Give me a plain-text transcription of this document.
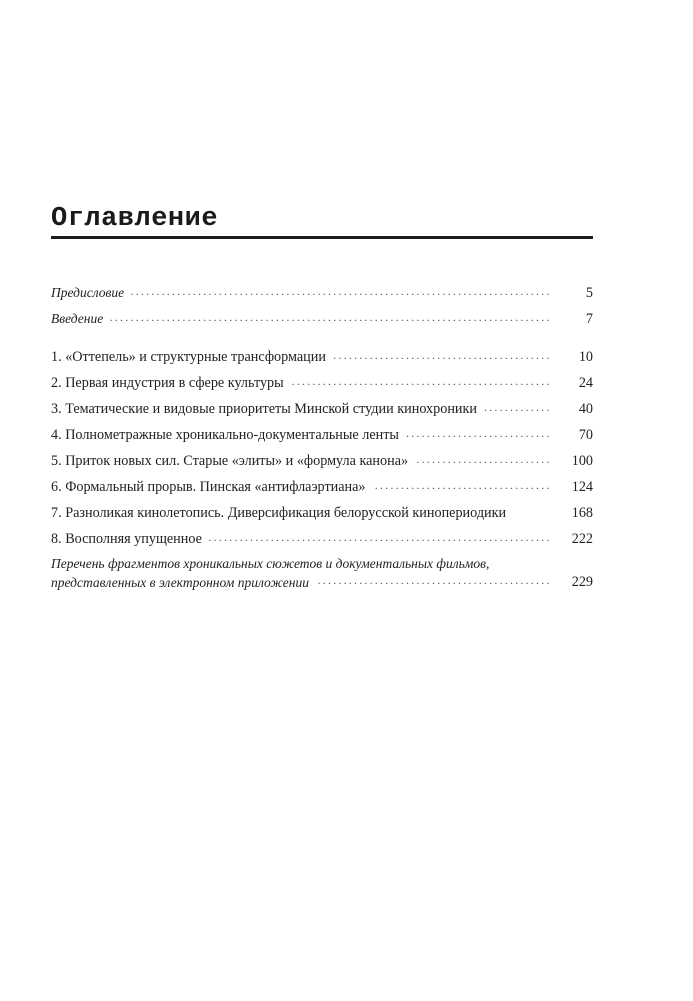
Оглавление
Предисловие . . .	5
Введение . . .	7
1. «Оттепель» и структурные трансформации . . .	10
2. Первая индустрия в сфере культуры . . .	24
3. Тематические и видовые приоритеты Минской студии кинохроники . . .	40
4. Полнометражные хроникально-документальные ленты . . .	70
5. Приток новых сил. Старые «элиты» и «формула канона» . . .	100
6. Формальный прорыв. Пинская «антифлаэртиана» . . .	124
7. Разноликая кинолетопись. Диверсификация белорусской кинопериодики	168
8. Восполняя упущенное . . .	222
Перечень фрагментов хроникальных сюжетов и документальных фильмов,
представленных в электронном приложении . . .	229
